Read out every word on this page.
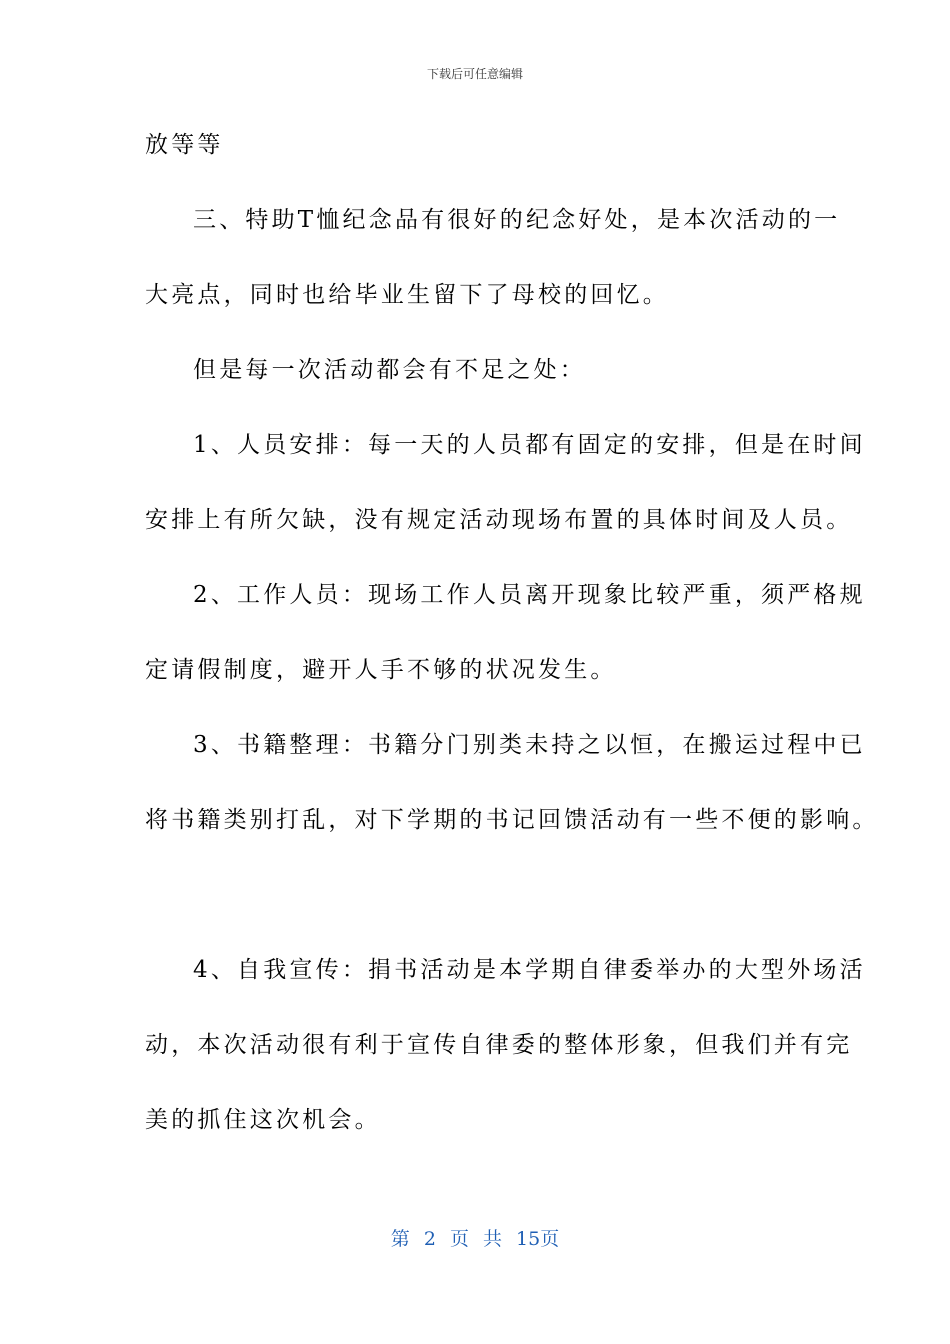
下载后可任意编辑
放等等
三、特助T恤纪念品有很好的纪念好处，是本次活动的一
大亮点，同时也给毕业生留下了母校的回忆。
但是每一次活动都会有不足之处：
1、人员安排：每一天的人员都有固定的安排，但是在时间
安排上有所欠缺，没有规定活动现场布置的具体时间及人员。
2、工作人员：现场工作人员离开现象比较严重，须严格规
定请假制度，避开人手不够的状况发生。
3、书籍整理：书籍分门别类未持之以恒，在搬运过程中已
将书籍类别打乱，对下学期的书记回馈活动有一些不便的影响。
4、自我宣传：捐书活动是本学期自律委举办的大型外场活
动，本次活动很有利于宣传自律委的整体形象，但我们并有完
美的抓住这次机会。
第 2 页 共 15页
